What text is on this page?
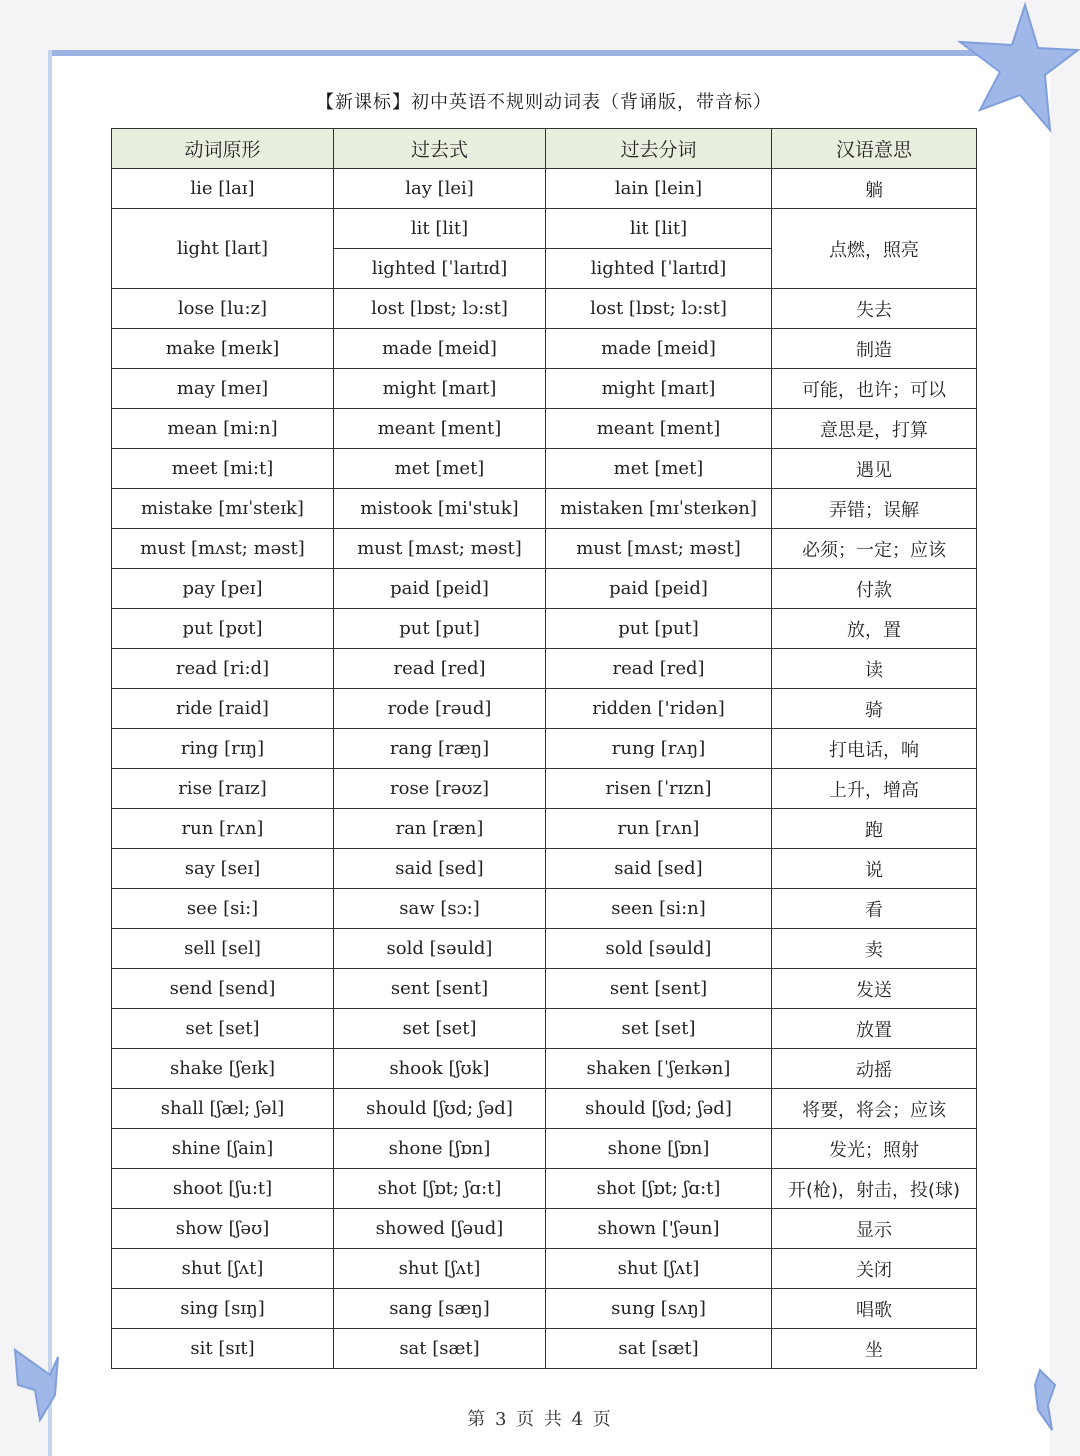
【新课标】初中英语不规则动词表（背诵版，带音标）
动词原形	过去式	过去分词	汉语意思
lie [laɪ]	lay [lei]	lain [lein]	躺
light [laɪt]	lit [lit]	lit [lit]	点燃，照亮
	lighted [ˈlaɪtɪd]	lighted [ˈlaɪtɪd]	
lose [lu:z]	lost [lɒst; lɔ:st]	lost [lɒst; lɔ:st]	失去
make [meɪk]	made [meid]	made [meid]	制造
may [meɪ]	might [maɪt]	might [maɪt]	可能，也许；可以
mean [mi:n]	meant [ment]	meant [ment]	意思是，打算
meet [mi:t]	met [met]	met [met]	遇见
mistake [mɪˈsteɪk]	mistook [mi'stuk]	mistaken [mɪˈsteɪkən]	弄错；误解
must [mʌst; məst]	must [mʌst; məst]	must [mʌst; məst]	必须；一定；应该
pay [peɪ]	paid [peid]	paid [peid]	付款
put [pʊt]	put [put]	put [put]	放，置
read [ri:d]	read [red]	read [red]	读
ride [raid]	rode [rəud]	ridden ['ridən]	骑
ring [rɪŋ]	rang [ræŋ]	rung [rʌŋ]	打电话，响
rise [raɪz]	rose [rəʊz]	risen [ˈrɪzn]	上升，增高
run [rʌn]	ran [ræn]	run [rʌn]	跑
say [seɪ]	said [sed]	said [sed]	说
see [si:]	saw [sɔ:]	seen [si:n]	看
sell [sel]	sold [səuld]	sold [səuld]	卖
send [send]	sent [sent]	sent [sent]	发送
set [set]	set [set]	set [set]	放置
shake [ʃeɪk]	shook [ʃʊk]	shaken [ˈʃeɪkən]	动摇
shall [ʃæl; ʃəl]	should [ʃʊd; ʃəd]	should [ʃʊd; ʃəd]	将要，将会；应该
shine [ʃain]	shone [ʃɒn]	shone [ʃɒn]	发光；照射
shoot [ʃu:t]	shot [ʃɒt; ʃɑ:t]	shot [ʃɒt; ʃɑ:t]	开(枪)，射击，投(球)
show [ʃəʊ]	showed [ʃəud]	shown ['ʃəun]	显示
shut [ʃʌt]	shut [ʃʌt]	shut [ʃʌt]	关闭
sing [sɪŋ]	sang [sæŋ]	sung [sʌŋ]	唱歌
sit [sɪt]	sat [sæt]	sat [sæt]	坐
第 3 页 共 4 页
